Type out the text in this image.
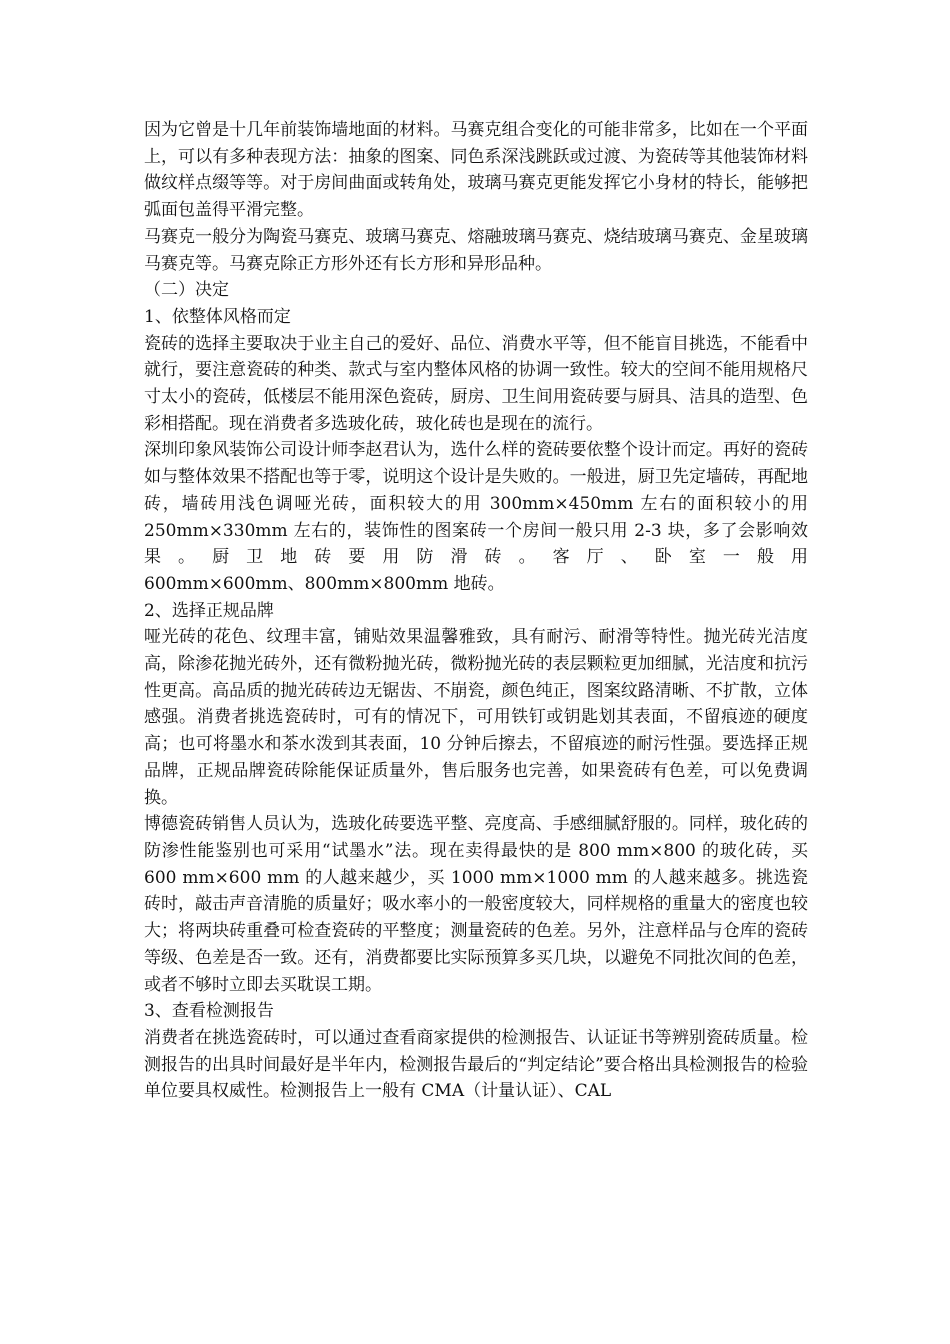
因为它曾是十几年前装饰墙地面的材料。马赛克组合变化的可能非常多，比如在一个平面上，可以有多种表现方法：抽象的图案、同色系深浅跳跃或过渡、为瓷砖等其他装饰材料做纹样点缀等等。对于房间曲面或转角处，玻璃马赛克更能发挥它小身材的特长，能够把弧面包盖得平滑完整。

马赛克一般分为陶瓷马赛克、玻璃马赛克、熔融玻璃马赛克、烧结玻璃马赛克、金星玻璃马赛克等。马赛克除正方形外还有长方形和异形品种。

（二）决定

1、依整体风格而定

瓷砖的选择主要取决于业主自己的爱好、品位、消费水平等，但不能盲目挑选，不能看中就行，要注意瓷砖的种类、款式与室内整体风格的协调一致性。较大的空间不能用规格尺寸太小的瓷砖，低楼层不能用深色瓷砖，厨房、卫生间用瓷砖要与厨具、洁具的造型、色彩相搭配。现在消费者多选玻化砖，玻化砖也是现在的流行。

深圳印象风装饰公司设计师李赵君认为，选什么样的瓷砖要依整个设计而定。再好的瓷砖如与整体效果不搭配也等于零，说明这个设计是失败的。一般进，厨卫先定墙砖，再配地砖，墙砖用浅色调哑光砖，面积较大的用 300mm×450mm 左右的面积较小的用 250mm×330mm 左右的，装饰性的图案砖一个房间一般只用 2-3 块，多了会影响效果。厨卫地砖要用防滑砖。客厅、卧室一般用

600mm×600mm、800mm×800mm 地砖。

2、选择正规品牌

哑光砖的花色、纹理丰富，铺贴效果温馨雅致，具有耐污、耐滑等特性。抛光砖光洁度高，除渗花抛光砖外，还有微粉抛光砖，微粉抛光砖的表层颗粒更加细腻，光洁度和抗污性更高。高品质的抛光砖砖边无锯齿、不崩瓷，颜色纯正，图案纹路清晰、不扩散，立体感强。消费者挑选瓷砖时，可有的情况下，可用铁钉或钥匙划其表面，不留痕迹的硬度高；也可将墨水和茶水泼到其表面，10 分钟后擦去，不留痕迹的耐污性强。要选择正规品牌，正规品牌瓷砖除能保证质量外，售后服务也完善，如果瓷砖有色差，可以免费调换。

博德瓷砖销售人员认为，选玻化砖要选平整、亮度高、手感细腻舒服的。同样，玻化砖的防渗性能鉴别也可采用“试墨水”法。现在卖得最快的是 800 mm×800 的玻化砖，买 600 mm×600 mm 的人越来越少，买 1000 mm×1000 mm 的人越来越多。挑选瓷砖时，敲击声音清脆的质量好；吸水率小的一般密度较大，同样规格的重量大的密度也较大；将两块砖重叠可检查瓷砖的平整度；测量瓷砖的色差。另外，注意样品与仓库的瓷砖等级、色差是否一致。还有，消费都要比实际预算多买几块，以避免不同批次间的色差，或者不够时立即去买耽误工期。

3、查看检测报告

消费者在挑选瓷砖时，可以通过查看商家提供的检测报告、认证证书等辨别瓷砖质量。检测报告的出具时间最好是半年内，检测报告最后的“判定结论”要合格出具检测报告的检验单位要具权威性。检测报告上一般有 CMA（计量认证）、CAL
